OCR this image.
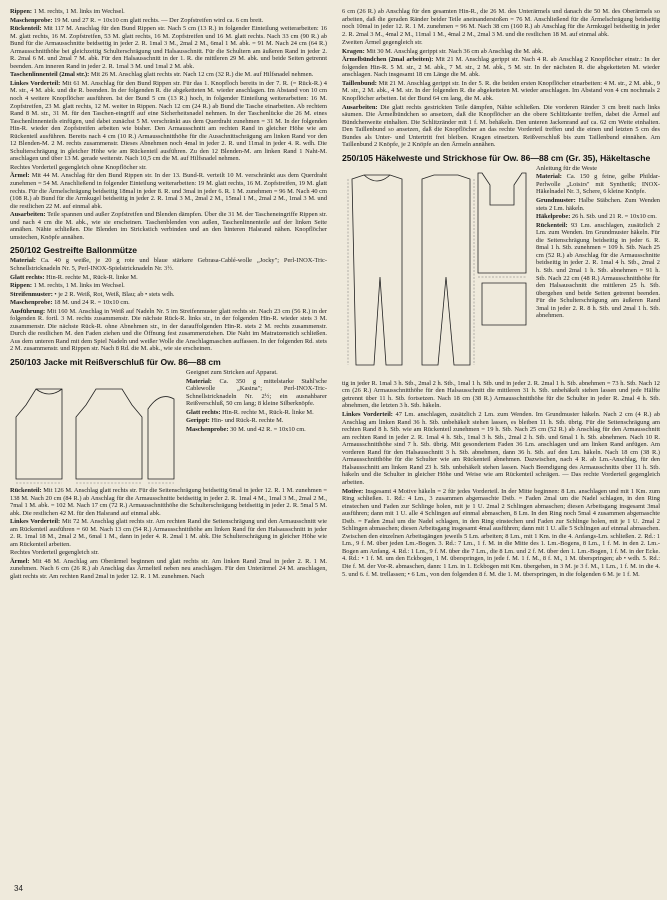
Rippen: 1 M. rechts, 1 M. links im Wechsel.

Maschenprobe: 19 M. und 27 R. = 10x10 cm glatt rechts. — Der Zopfstreifen wird ca. 6 cm breit.

Rückenteil: Mit 117 M. Anschlag für den Bund Rippen str. Nach 5 cm (13 R.) in folgender Einteilung weiterarbeiten: 16 M. glatt rechts, 16 M. Zopfstreifen, 53 M. glatt rechts, 16 M. Zopfstreifen und 16 M. glatt rechts. Nach 33 cm (90 R.) ab Bund für die Armausschnitte beidseitig in jeder 2. R. 1mal 3 M., 2mal 2 M., 6mal 1 M. abk. = 91 M. Nach 24 cm (64 R.) Armausschnitthöhe bei gleichzeitig Schulterschrägung und Halsausschnitt. Für die Schultern am äußeren Rand in jeder 2. R. 2mal 6 M. und 2mal 7 M. abk. Für den Halsausschnitt in der 1. R. die mittleren 29 M. abk. und beide Seiten getrennt beenden. Am inneren Rand in jeder 2. R. 1mal 3 M. und 1mal 2 M. abk.

Taschenlinnenteil (2mal str.): Mit 26 M. Anschlag glatt rechts str. Nach 12 cm (32 R.) die M. auf Hilfsnadel nehmen.

Linkes Vorderteil: Mit 61 M. Anschlag für den Bund Rippen str. Für das 1. Knopfloch bereits in der 7. R. (= Rück-R.) 4 M. str., 4 M. abk. und die R. beenden. In der folgenden R. die abgeketteten M. wieder anschlagen. Im Abstand von 10 cm noch 4 weitere Knopflöcher ausführen. Ist der Bund 5 cm (13 R.) hoch, in folgender Einteilung weiterarbeiten: 16 M. Zopfstreifen, 23 M. glatt rechts, 12 M. weiter in Rippen. Nach 12 cm (24 R.) ab Bund die Tasche einarbeiten. Ab rechtem Rand 8 M. str., 31 M. für den Taschen-eingriff auf eine Sicherheitsnadel nehmen. In der Taschenlücke die 26 M. eines Taschenlinnenteils einfügen, und dabei zunächst 5 M. verschränkt aus dem Querdraht zunehmen = 31 M. In der folgenden Hin-R. wieder den Zopfstreifen arbeiten wie bisher. Den Armausschnitt am rechten Rand in gleicher Höhe wie am Rückenteil ausführen. Bereits nach 4 cm (10 R.) Armausschnitthöhe für die Ausschnittschrägung am linken Rand vor den 12 Blenden-M. 2 M. rechts zusammenstr. Dieses Abnehmen noch 4mal in jeder 2. R. und 11mal in jeder 4. R. wdh. Die Schulterschrägung in gleicher Höhe wie am Rückenteil ausführen. Zu den 12 Blenden-M. am linken Rand 1 Naht-M. anschlagen und über 13 M. gerade weiterstr. Nach 10,5 cm die M. auf Hilfsnadel nehmen.

Rechtes Vorderteil gegengleich ohne Knopflöcher str.

Ärmel: Mit 44 M. Anschlag für den Bund Rippen str. In der 13. Bund-R. verteilt 10 M. verschränkt aus dem Querdraht zunehmen = 54 M. Anschließend in folgender Einteilung weiterarbeiten: 19 M. glatt rechts, 16 M. Zopfstreifen, 19 M. glatt rechts. Für die Ärmelschrägung beidseitig 18mal in jeder 8. R. und 3mal in jeder 6. R. 1 M. zunehmen = 96 M. Nach 40 cm (108 R.) ab Bund für die Armkugel beidseitig in jeder 2. R. 1mal 3 M., 2mal 2 M., 15mal 1 M., 2mal 2 M., 1mal 3 M. und die restlichen 22 M. auf einmal abk.

Ausarbeiten: Teile spannen und außer Zopfstreifen und Blenden dämpfen. Über die 31 M. der Tascheneingriffe Rippen str. und nach 4 cm die M. abk., wie sie erscheinen. Taschenblenden von außen, Taschenlinnenteile auf der linken Seite annähen. Nähte schließen. Die Blenden im Strickstich verbinden und an den hinteren Halsrand nähen. Knopflöcher umstechen, Knöpfe annähen.

250/102 Gestreifte Ballonmütze

Material: Ca. 40 g weiße, je 20 g rote und blaue stärkere Gebrasa-Cablé-wolle „Jocky"; Perl-INOX-Tric-Schnellstricknadeln Nr. 5, Perl-INOX-Spielstricknadeln Nr. 3½.

Glatt rechts: Hin-R. rechte M., Rück-R. linke M.

Rippen: 1 M. rechts, 1 M. links im Wechsel.

Streifenmuster: • je 2 R. Weiß, Rot, Weiß, Blau; ab • stets wdh.

Maschenprobe: 18 M. und 24 R. = 10x10 cm.

Ausführung: Mit 160 M. Anschlag in Weiß auf Nadeln Nr. 5 im Streifenmuster glatt rechts str. Nach 23 cm (56 R.) in der folgenden R. fortl. 3 M. rechts zusammenstr. Die nächste Rück-R. links str., in der folgenden Hin-R. wieder stets 3 M. zusammenstr. Die nächste Rück-R. ohne Abnehmen str., in der darauffolgenden Hin-R. stets 2 M. rechts zusammenstr. Durch die restlichen M. den Faden ziehen und die Öffnung fest zusammenziehen. Die Naht im Matratzenstich schließen. Aus dem unteren Rand mit dem Spiel Nadeln und weißer Wolle die Anschlagmaschen auffassen. In der folgenden Rd. stets 2 M. zusammenstr. und Rippen str. Nach 8 Rd. die M. abk., wie sie erscheinen.

250/103 Jacke mit Reißverschluß für Ow. 86—88 cm

Geeignet zum Stricken auf Apparat.

Material: Ca. 350 g mittelstarke Stahl'sche Cablewolle „Kasina"; Perl-INOX-Tric-Schnellstricknadeln Nr. 2½; ein ausnahbarer Reißverschluß, 50 cm lang; 8 kleine Silberknöpfe.

Glatt rechts: Hin-R. rechte M., Rück-R. linke M.

Gerippt: Hin- und Rück-R. rechte M.

Maschenprobe: 30 M. und 42 R. = 10x10 cm.

Rückenteil: Mit 126 M. Anschlag glatt rechts str. Für die Seitenschrägung beidseitig 6mal in jeder 12. R. 1 M. zunehmen = 138 M. Nach 20 cm (84 R.) ab Anschlag für die Armausschnitte beidseitig in jeder 2. R. 1mal 4 M., 1mal 3 M., 2mal 2 M., 7mal 1 M. abk. = 102 M. Nach 17 cm (72 R.) Armausschnitthöhe die Schulterschrägung beidseitig in jeder 2. R. 5mal 5 M. abk. Die restlichen 42 M. für den Halsrand auf einmal abk.

Linkes Vorderteil: Mit 72 M. Anschlag glatt rechts str. Am rechten Rand die Seitenschrägung und den Armausschnitt wie am Rückenteil ausführen = 60 M. Nach 13 cm (54 R.) Armausschnitthöhe am linken Rand für den Halsausschnitt in jeder 2. R. 1mal 18 M., 2mal 2 M., 6mal 1 M., dann in jeder 4. R. 2mal 1 M. abk. Die Schulterschrägung in gleicher Höhe wie am Rückenteil arbeiten.

Rechtes Vorderteil gegengleich str.

Ärmel: Mit 48 M. Anschlag am Oberärmel beginnen und glatt rechts str. Am linken Rand 2mal in jeder 2. R. 1 M. zunehmen. Nach 6 cm (26 R.) ab Anschlag das Ärmelteil neben neu anschlagen. Für den Unterärmel 24 M. anschlagen, glatt rechts str. Am rechten Rand 2mal in jeder 12. R. 1 M. zunehmen. Nach

6 cm (26 R.) ab Anschlag für den gesamten Hin-R., die 26 M. des Unterärmels und danach die 50 M. des Oberärmels so arbeiten, daß die geraden Ränder beider Teile aneinanderstoßen = 76 M. Anschließend für die Ärmelschrägung beidseitig noch 10mal in jeder 12. R. 1 M. zunehmen = 96 M. Nach 38 cm (160 R.) ab Anschlag für die Armkugel beidseitig in jeder 2. R. 2mal 3 M., 4mal 2 M., 11mal 1 M., 4mal 2 M., 2mal 3 M. und die restlichen 18 M. auf einmal abk.

Zweiten Ärmel gegengleich str.

Kragen: Mit 30 M. Anschlag gerippt str. Nach 36 cm ab Anschlag die M. abk.

Ärmelbündchen (2mal arbeiten): Mit 21 M. Anschlag gerippt str. Nach 4 R. ab Anschlag 2 Knopflöcher einstr.: In der folgenden Hin-R. 5 M. str., 2 M. abk., 7 M. str., 2 M. abk., 5 M. str. In der nächsten R. die abgeketteten M. wieder anschlagen. Nach insgesamt 18 cm Länge die M. abk.

Taillenbund: Mit 21 M. Anschlag gerippt str. In der 5. R. die beiden ersten Knopflöcher einarbeiten: 4 M. str., 2 M. abk., 9 M. str., 2 M. abk., 4 M. str. In der folgenden R. die abgeketteten M. wieder anschlagen. Im Abstand von 4 cm nochmals 2 Knopflöcher arbeiten. Ist der Bund 64 cm lang, die M. abk.

Ausarbeiten: Die glatt rechts gestrickten Teile dämpfen, Nähte schließen. Die vorderen Ränder 3 cm breit nach links säumen. Die Ärmelbündchen so ansetzen, daß die Knopflöcher an die obere Schlitzkante treffen, dabei die Ärmel auf Bündchenweite einhalten. Die Schlitzränder mit 1 f. M. behäkeln. Den unteren Jackenrand auf ca. 62 cm Weite einhalten. Den Taillenbund so ansetzen, daß die Knopflöcher an das rechte Vorderteil treffen und die einen und letzten 5 cm des Bundes als Unter- und Untertritt frei bleiben. Kragen einsetzen. Reißverschluß bis zum Taillenbund einnähen. Am Taillenbund 2 Knöpfe, je 2 Knöpfe an den Ärmeln annähen.

250/105 Häkelweste und Strickhose für Ow. 86—88 cm (Gr. 35), Häkeltasche

Anleitung für die Weste

Material: Ca. 150 g feine, gelbe Phildar-Perlwolle „Loisirs" mit Synthetik; INOX-Häkelnadel Nr. 3, Schere, 6 kleine Knöpfe.

Grundmuster: Halbe Stäbchen. Zum Wenden stets 2 Lm. häkeln.

Häkelprobe: 26 h. Stb. und 21 R. = 10x10 cm.

Rückenteil: 93 Lm. anschlagen, zusätzlich 2 Lm. zum Wenden. Im Grundmuster häkeln. Für die Seitenschrägung beidseitig in jeder 6. R. 8mal 1 h. Stb. zunehmen = 109 h. Stb. Nach 25 cm (52 R.) ab Anschlag für die Armausschnitte beidseitig in jeder 2. R. 1mal 4 h. Stb., 2mal 2 h. Stb. und 2mal 1 h. Stb. abnehmen = 91 h. Stb. Nach 22 cm (48 R.) Armausschnitthöhe für den Halsausschnitt die mittleren 25 h. Stb. übergehen und beide Seiten getrennt beenden. Für die Schulterschrägung am äußeren Rand 3mal in jeder 2. R. 8 h. Stb. und 2mal 1 h. Stb. abnehmen.

tig in jeder R. 1mal 3 h. Stb., 2mal 2 h. Stb., 1mal 1 h. Stb. und in jeder 2. R. 2mal 1 h. Stb. abnehmen = 73 h. Stb. Nach 12 cm (26 R.) Armausschnitthöhe für den Halsausschnitt die mittleren 31 h. Stb. unbehäkelt stehen lassen und jede Hälfte getrennt über 11 h. Stb. fortsetzen. Nach 18 cm (38 R.) Armausschnitthöhe für die Schulter in jeder R. 2mal 4 h. Stb. abnehmen, die letzten 3 h. Stb. häkeln.

Linkes Vorderteil: 47 Lm. anschlagen, zusätzlich 2 Lm. zum Wenden. Im Grundmuster häkeln. Nach 2 cm (4 R.) ab Anschlag am linken Rand 36 h. Stb. unbehäkelt stehen lassen, es bleiben 11 h. Stb. übrig. Für die Seitenschrägung am rechten Rand 8 h. Stb. wie am Rückenteil zunehmen = 19 h. Stb. Nach 25 cm (52 R.) ab Anschlag für den Armausschnitt am rechten Rand in jeder 2. R. 1mal 4 h. Stb., 1mal 3 h. Stb., 2mal 2 h. Stb. und 6mal 1 h. Stb. abnehmen. Nach 10 R. Armausschnitthöhe sind 7 h. Stb. übrig. Mit gesondertem Faden 36 Lm. anschlagen und am linken Rand anfügen. Am vorderen Rand für den Halsausschnitt 3 h. Stb. abnehmen, dann 36 h. Stb. auf den Lm. häkeln. Nach 18 cm (38 R.) Armausschnitthöhe für die Schulter wie am Rückenteil abnehmen. Dazwischen, nach 4 R. ab Lm.-Anschlag, für den Halsausschnitt am linken Rand 23 h. Stb. unbehäkelt stehen lassen. Nach Beendigung des Armausschnitts über 11 h. Stb. häkeln und die Schulter in gleicher Höhe und Weise wie am Rückenteil schrägen. — Das rechte Vorderteil gegengleich arbeiten.

Motive: Insgesamt 4 Motive häkeln = 2 für jedes Vorderteil. In der Mitte beginnen: 8 Lm. anschlagen und mit 1 Km. zum Ring schließen. 1. Rd.: 4 Lm., 3 zusammen abgemaschte Dstb. = Faden 2mal um die Nadel schlagen, in den Ring einstechen und Faden zur Schlinge holen, mit je 1 U. 2mal 2 Schlingen abmaschen; diesen Arbeitsgang insgesamt 3mal ausführen; dann mit 1 U. alle 4 Schlingen auf einmal abmaschen, 8 Lm. In den Ring noch 5mal 4 zusammen abgemaschte Dstb. = Faden 2mal um die Nadel schlagen, in den Ring einstechen und Faden zur Schlinge holen, mit je 1 U. 2mal 2 Schlingen abmaschen; diesen Arbeitsgang insgesamt 4mal ausführen; dann mit 1 U. alle 5 Schlingen auf einmal abmaschen. Zwischen den einzelnen Arbeitsgängen jeweils 5 Lm. arbeiten; 8 Lm., mit 1 Km. in die 4. Anfangs-Lm. schließen. 2. Rd.: 1 Lm., 9 f. M. über jeden Lm.-Bogen. 3. Rd.: 7 Lm., 1 f. M. in die Mitte des 1. Lm.-Bogens, 8 Lm., 1 f. M. in den 2. Lm.-Bogen am Anfang. 4. Rd.: 1 Lm., 9 f. M. über die 7 Lm., die 8 Lm. und 2 f. M. über den 1. Lm.-Bogen, 1 f. M. in der Ecke. 4. Rd.: • 1 f. M. um den Eckbogen, 1 M. überspringen, in jede f. M. 1 f. M., 8 f. M., 1 M. überspringen; ab • wdh. 5. Rd.: Die f. M. der Vor-R. abmaschen, dann: 1 Lm. in 1. Eckbogen mit Km. übergehen, in 3 M. je 3 f. M., 1 Lm., 1 f. M. in die 4. 5. und 6. f. M. trellassen; • 6 Lm., von den folgenden 8 f. M. die 1. M. überspringen, in die folgenden 6 M. je 1 f. M.

34
